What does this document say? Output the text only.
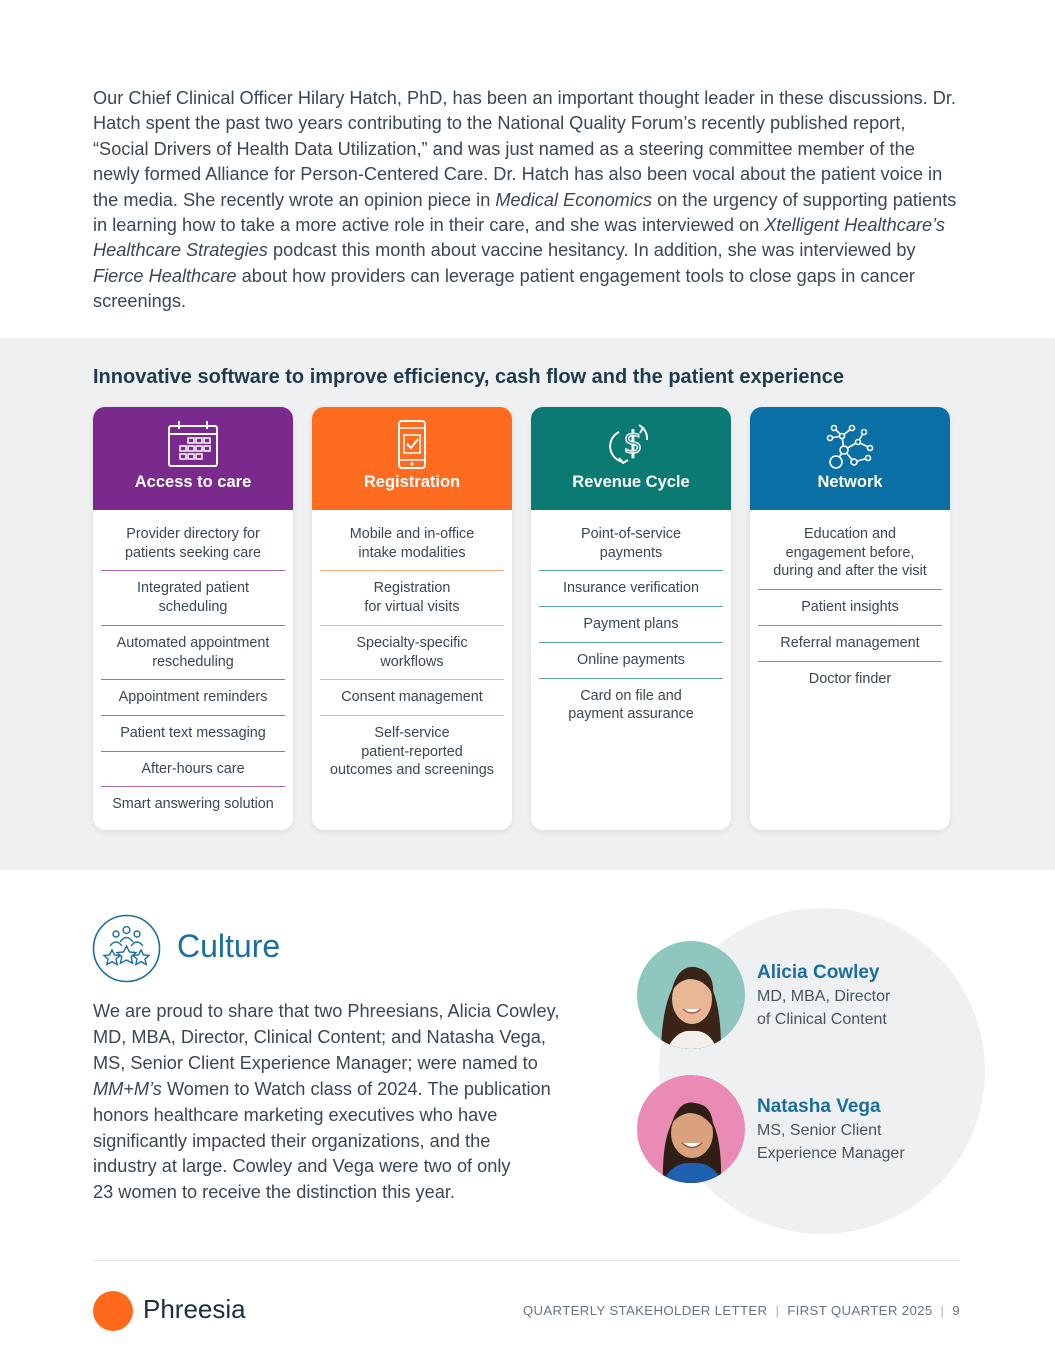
Our Chief Clinical Officer Hilary Hatch, PhD, has been an important thought leader in these discussions. Dr. Hatch spent the past two years contributing to the National Quality Forum’s recently published report, “Social Drivers of Health Data Utilization,” and was just named as a steering committee member of the newly formed Alliance for Person-Centered Care. Dr. Hatch has also been vocal about the patient voice in the media. She recently wrote an opinion piece in Medical Economics on the urgency of supporting patients in learning how to take a more active role in their care, and she was interviewed on Xtelligent Healthcare’s Healthcare Strategies podcast this month about vaccine hesitancy. In addition, she was interviewed by Fierce Healthcare about how providers can leverage patient engagement tools to close gaps in cancer screenings.

Innovative software to improve efficiency, cash flow and the patient experience
Access to care
Provider directory for
patients seeking care
Integrated patient
scheduling
Automated appointment
rescheduling
Appointment reminders
Patient text messaging
After-hours care
Smart answering solution
Registration
Mobile and in-office
intake modalities
Registration
for virtual visits
Specialty-specific
workflows
Consent management
Self-service
patient-reported
outcomes and screenings
$
Revenue Cycle
Point-of-service
payments
Insurance verification
Payment plans
Online payments
Card on file and
payment assurance
Network
Education and
engagement before,
during and after the visit
Patient insights
Referral management
Doctor finder
Culture

We are proud to share that two Phreesians, Alicia Cowley,
MD, MBA, Director, Clinical Content; and Natasha Vega,
MS, Senior Client Experience Manager; were named to
MM+M’s Women to Watch class of 2024. The publication
honors healthcare marketing executives who have
significantly impacted their organizations, and the
industry at large. Cowley and Vega were two of only
23 women to receive the distinction this year.

Alicia Cowley
MD, MBA, Director
of Clinical Content
Natasha Vega
MS, Senior Client
Experience Manager
Phreesia	QUARTERLY STAKEHOLDER LETTER | FIRST QUARTER 2025 | 9
